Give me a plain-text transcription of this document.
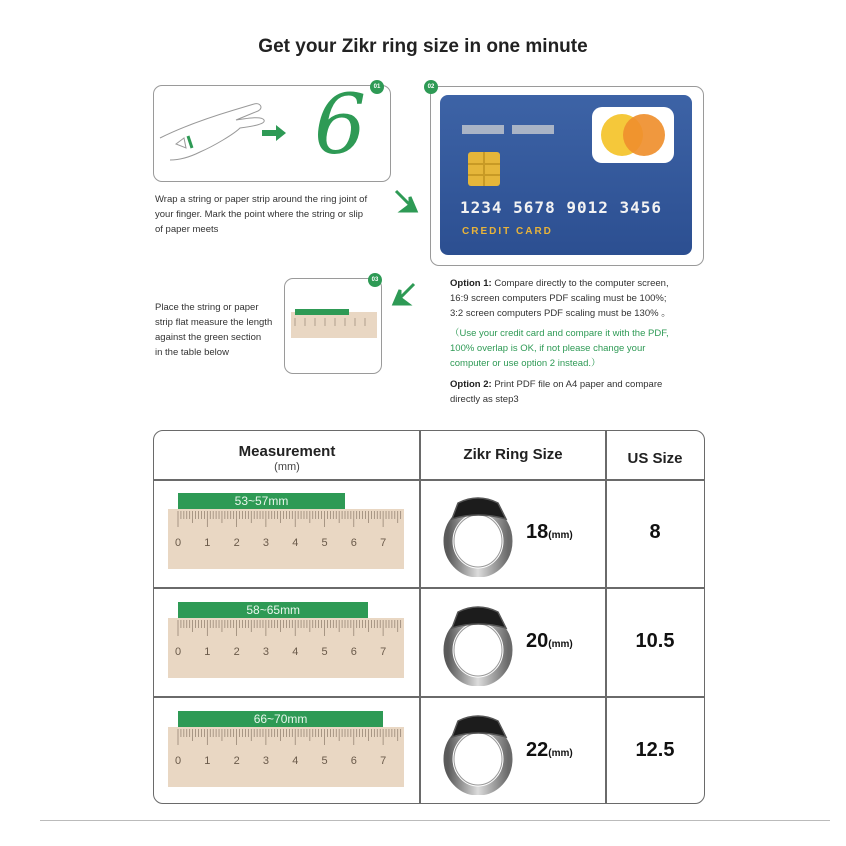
Get your Zikr ring size in one minute
6	01
Wrap a string or paper strip around the ring joint of
your finger. Mark the point where the string or slip
of paper meets
02
1234 5678 9012 3456
CREDIT CARD
Place the string or paper
strip flat measure the length
against the green section
in the table below
03	Option 1: Compare directly to the computer screen,
16:9 screen computers PDF scaling must be 100%;
3:2 screen computers PDF scaling must be 130% 。
（Use your credit card and compare it with the PDF,
100% overlap is OK, if not please change your
computer or use option 2 instead.）
Option 2: Print PDF file on A4 paper and compare
directly as step3
Measurement
(mm)
Zikr Ring Size	US Size
0 1 2 3 4 5 6 7
53~57mm
18(mm)	8
0 1 2 3 4 5 6 7
58~65mm
20(mm)	10.5
0 1 2 3 4 5 6 7
66~70mm
22(mm)	12.5
